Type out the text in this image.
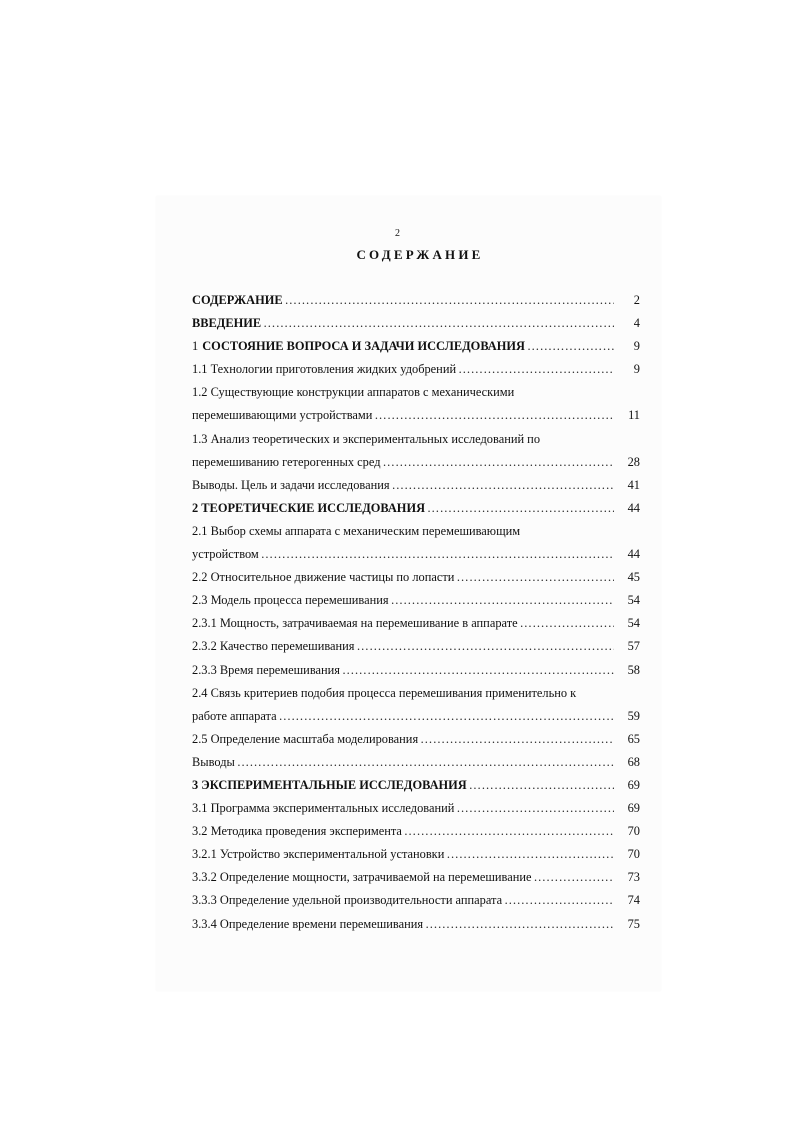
2
СОДЕРЖАНИЕ
СОДЕРЖАНИЕ …………………………………………………………………………………………………………………………………………………………………………	2
ВВЕДЕНИЕ …………………………………………………………………………………………………………………………………………………………………………	4
1 СОСТОЯНИЕ ВОПРОСА И ЗАДАЧИ ИССЛЕДОВАНИЯ …………………………………………………………………………………………………………………………………………………………………………	9
1.1 Технологии приготовления жидких удобрений …………………………………………………………………………………………………………………………………………………………………………	9
1.2 Существующие конструкции аппаратов с механическими
перемешивающими устройствами …………………………………………………………………………………………………………………………………………………………………………	11
1.3 Анализ теоретических и экспериментальных исследований по
перемешиванию гетерогенных сред …………………………………………………………………………………………………………………………………………………………………………	28
Выводы. Цель и задачи исследования …………………………………………………………………………………………………………………………………………………………………………	41
2 ТЕОРЕТИЧЕСКИЕ ИССЛЕДОВАНИЯ …………………………………………………………………………………………………………………………………………………………………………	44
2.1 Выбор схемы аппарата с механическим перемешивающим
устройством …………………………………………………………………………………………………………………………………………………………………………	44
2.2 Относительное движение частицы по лопасти …………………………………………………………………………………………………………………………………………………………………………	45
2.3 Модель процесса перемешивания …………………………………………………………………………………………………………………………………………………………………………	54
2.3.1 Мощность, затрачиваемая на перемешивание в аппарате …………………………………………………………………………………………………………………………………………………………………………	54
2.3.2 Качество перемешивания …………………………………………………………………………………………………………………………………………………………………………	57
2.3.3 Время перемешивания …………………………………………………………………………………………………………………………………………………………………………	58
2.4 Связь критериев подобия процесса перемешивания применительно к
работе аппарата …………………………………………………………………………………………………………………………………………………………………………	59
2.5 Определение масштаба моделирования …………………………………………………………………………………………………………………………………………………………………………	65
Выводы …………………………………………………………………………………………………………………………………………………………………………	68
3 ЭКСПЕРИМЕНТАЛЬНЫЕ ИССЛЕДОВАНИЯ …………………………………………………………………………………………………………………………………………………………………………	69
3.1 Программа экспериментальных исследований …………………………………………………………………………………………………………………………………………………………………………	69
3.2 Методика проведения эксперимента …………………………………………………………………………………………………………………………………………………………………………	70
3.2.1 Устройство экспериментальной установки …………………………………………………………………………………………………………………………………………………………………………	70
3.3.2 Определение мощности, затрачиваемой на перемешивание …………………………………………………………………………………………………………………………………………………………………………	73
3.3.3 Определение удельной производительности аппарата …………………………………………………………………………………………………………………………………………………………………………	74
3.3.4 Определение времени перемешивания …………………………………………………………………………………………………………………………………………………………………………	75
